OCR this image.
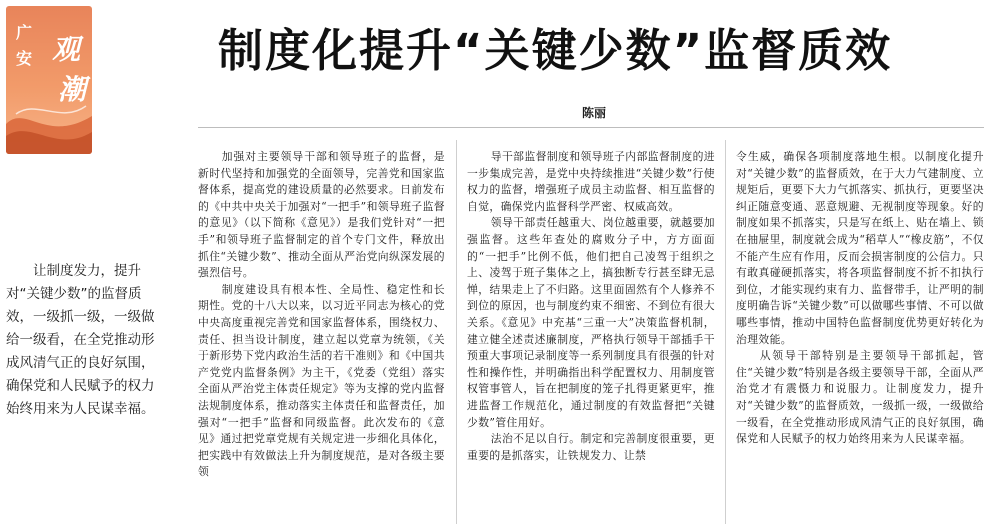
广
安 观
潮
制度化提升“关键少数”监督质效

陈丽

让制度发力，提升对“关键少数”的监督质效，一级抓一级，一级做给一级看，在全党推动形成风清气正的良好氛围，确保党和人民赋予的权力始终用来为人民谋幸福。

加强对主要领导干部和领导班子的监督，是新时代坚持和加强党的全面领导，完善党和国家监督体系，提高党的建设质量的必然要求。日前发布的《中共中央关于加强对“一把手”和领导班子监督的意见》（以下简称《意见》）是我们党针对“一把手”和领导班子监督制定的首个专门文件，释放出抓住“关键少数”、推动全面从严治党向纵深发展的强烈信号。

制度建设具有根本性、全局性、稳定性和长期性。党的十八大以来，以习近平同志为核心的党中央高度重视完善党和国家监督体系，围绕权力、责任、担当设计制度，建立起以党章为统领，《关于新形势下党内政治生活的若干准则》和《中国共产党党内监督条例》为主干，《党委（党组）落实全面从严治党主体责任规定》等为支撑的党内监督法规制度体系，推动落实主体责任和监督责任，加强对“一把手”监督和同级监督。此次发布的《意见》通过把党章党规有关规定进一步细化具体化，把实践中有效做法上升为制度规范，是对各级主要领

导干部监督制度和领导班子内部监督制度的进一步集成完善，是党中央持续推进“关键少数”行使权力的监督，增强班子成员主动监督、相互监督的自觉，确保党内监督科学严密、权威高效。

领导干部责任越重大、岗位越重要，就越要加强监督。这些年查处的腐败分子中，方方面面的“一把手”比例不低，他们把自己凌驾于组织之上、凌驾于班子集体之上，搞独断专行甚至肆无忌惮，结果走上了不归路。这里面固然有个人修养不到位的原因，也与制度约束不细密、不到位有很大关系。《意见》中充基“三重一大”决策监督机制，建立健全述责述廉制度，严格执行领导干部插手干预重大事项记录制度等一系列制度具有很强的针对性和操作性，并明确指出科学配置权力、用制度管权管事管人，旨在把制度的笼子扎得更紧更牢，推进监督工作规范化，通过制度的有效监督把“关键少数”管住用好。

法治不足以自行。制定和完善制度很重要，更重要的是抓落实，让铁规发力、让禁

令生威，确保各项制度落地生根。以制度化提升对“关键少数”的监督质效，在于大力气建制度、立规矩后，更要下大力气抓落实、抓执行，更要坚决纠正随意变通、恶意规避、无视制度等现象。好的制度如果不抓落实，只是写在纸上、贴在墙上、锁在抽屉里，制度就会成为“稻草人”“橡皮筋”，不仅不能产生应有作用，反而会损害制度的公信力。只有敢真碰硬抓落实，将各项监督制度不折不扣执行到位，才能实现约束有力、监督带手，让严明的制度明确告诉“关键少数”可以做哪些事情、不可以做哪些事情，推动中国特色监督制度优势更好转化为治理效能。

从领导干部特别是主要领导干部抓起，管住“关键少数”特别是各级主要领导干部，全面从严治党才有震慑力和说服力。让制度发力，提升对“关键少数”的监督质效，一级抓一级，一级做给一级看，在全党推动形成风清气正的良好氛围，确保党和人民赋予的权力始终用来为人民谋幸福。
